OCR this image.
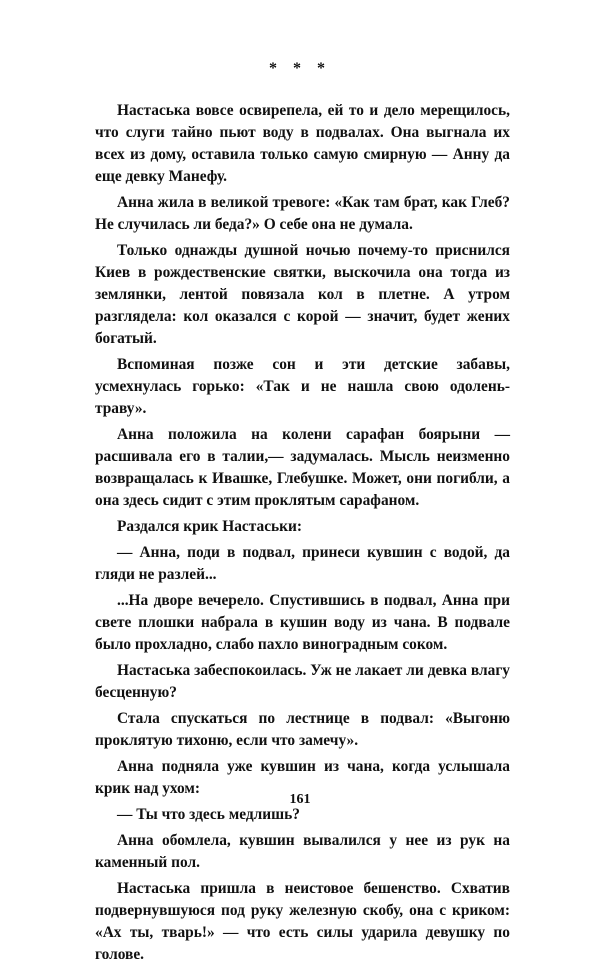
* * *

Настаська вовсе освирепела, ей то и дело мерещилось, что слуги тайно пьют воду в подвалах. Она выгнала их всех из дому, оставила только самую смирную — Анну да еще девку Манефу.

Анна жила в великой тревоге: «Как там брат, как Глеб? Не случилась ли беда?» О себе она не думала.

Только однажды душной ночью почему-то приснился Киев в рождественские святки, выскочила она тогда из землянки, лентой повязала кол в плетне. А утром разглядела: кол оказался с корой — значит, будет жених богатый.

Вспоминая позже сон и эти детские забавы, усмехнулась горько: «Так и не нашла свою одолень-траву».

Анна положила на колени сарафан боярыни — расшивала его в талии,— задумалась. Мысль неизменно возвращалась к Ивашке, Глебушке. Может, они погибли, а она здесь сидит с этим проклятым сарафаном.

Раздался крик Настаськи:

— Анна, поди в подвал, принеси кувшин с водой, да гляди не разлей...

...На дворе вечерело. Спустившись в подвал, Анна при свете плошки набрала в кушин воду из чана. В подвале было прохладно, слабо пахло виноградным соком.

Настаська забеспокоилась. Уж не лакает ли девка влагу бесценную?

Стала спускаться по лестнице в подвал: «Выгоню проклятую тихоню, если что замечу».

Анна подняла уже кувшин из чана, когда услышала крик над ухом:

— Ты что здесь медлишь?

Анна обомлела, кувшин вывалился у нее из рук на каменный пол.

Настаська пришла в неистовое бешенство. Схватив подвернувшуюся под руку железную скобу, она с криком: «Ах ты, тварь!» — что есть силы ударила девушку по голове.

161
